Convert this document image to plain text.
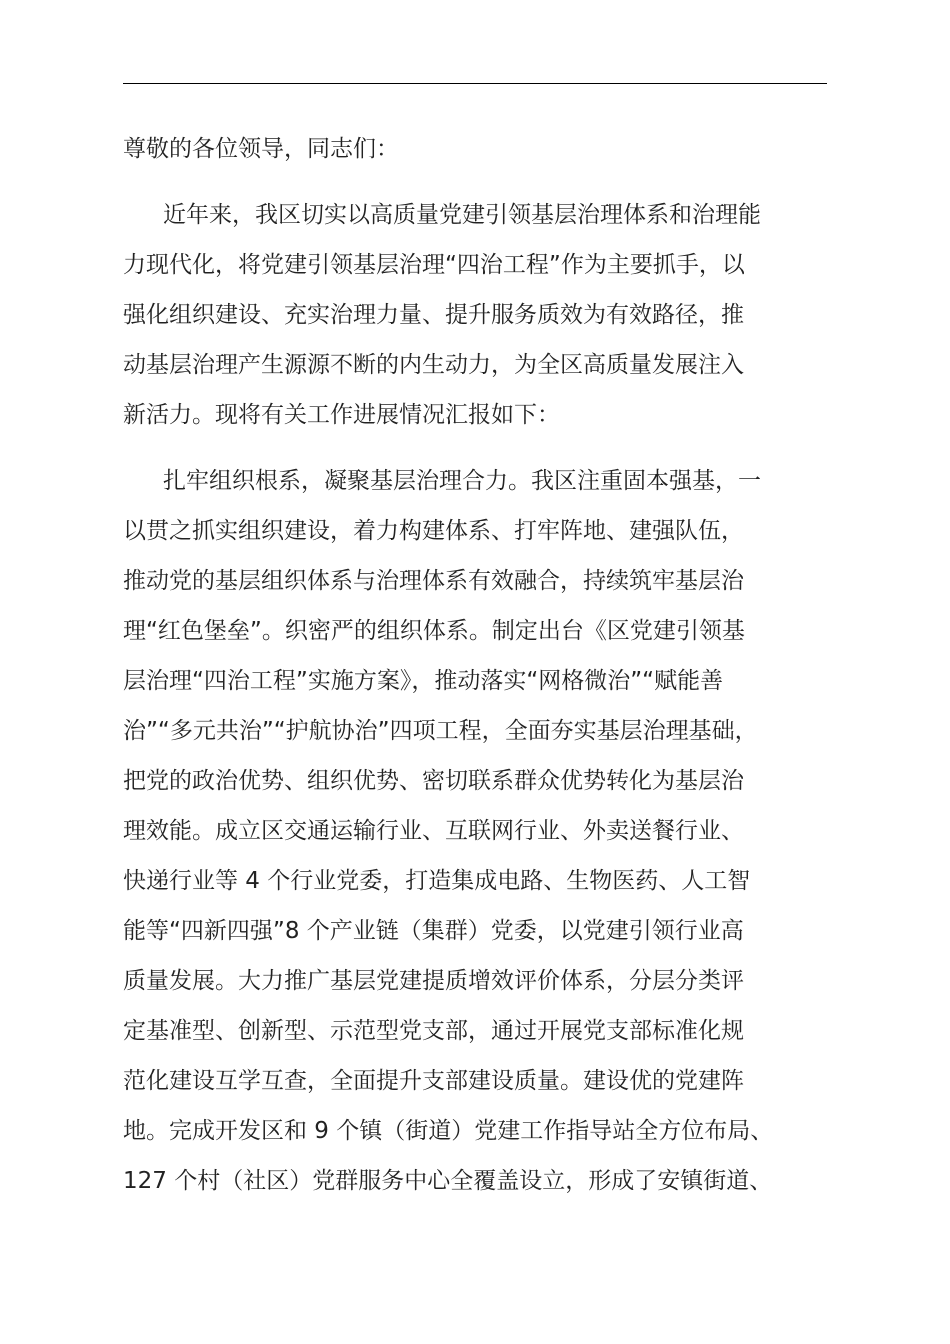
尊敬的各位领导，同志们：
近年来，我区切实以高质量党建引领基层治理体系和治理能
力现代化，将党建引领基层治理“四治工程”作为主要抓手，以
强化组织建设、充实治理力量、提升服务质效为有效路径，推
动基层治理产生源源不断的内生动力，为全区高质量发展注入
新活力。现将有关工作进展情况汇报如下：
扎牢组织根系，凝聚基层治理合力。我区注重固本强基，一
以贯之抓实组织建设，着力构建体系、打牢阵地、建强队伍，
推动党的基层组织体系与治理体系有效融合，持续筑牢基层治
理“红色堡垒”。织密严的组织体系。制定出台《区党建引领基
层治理“四治工程”实施方案》，推动落实“网格微治”“赋能善
治”“多元共治”“护航协治”四项工程，全面夯实基层治理基础，
把党的政治优势、组织优势、密切联系群众优势转化为基层治
理效能。成立区交通运输行业、互联网行业、外卖送餐行业、
快递行业等 4 个行业党委，打造集成电路、生物医药、人工智
能等“四新四强”8 个产业链（集群）党委，以党建引领行业高
质量发展。大力推广基层党建提质增效评价体系，分层分类评
定基准型、创新型、示范型党支部，通过开展党支部标准化规
范化建设互学互查，全面提升支部建设质量。建设优的党建阵
地。完成开发区和 9 个镇（街道）党建工作指导站全方位布局、
127 个村（社区）党群服务中心全覆盖设立，形成了安镇街道、
